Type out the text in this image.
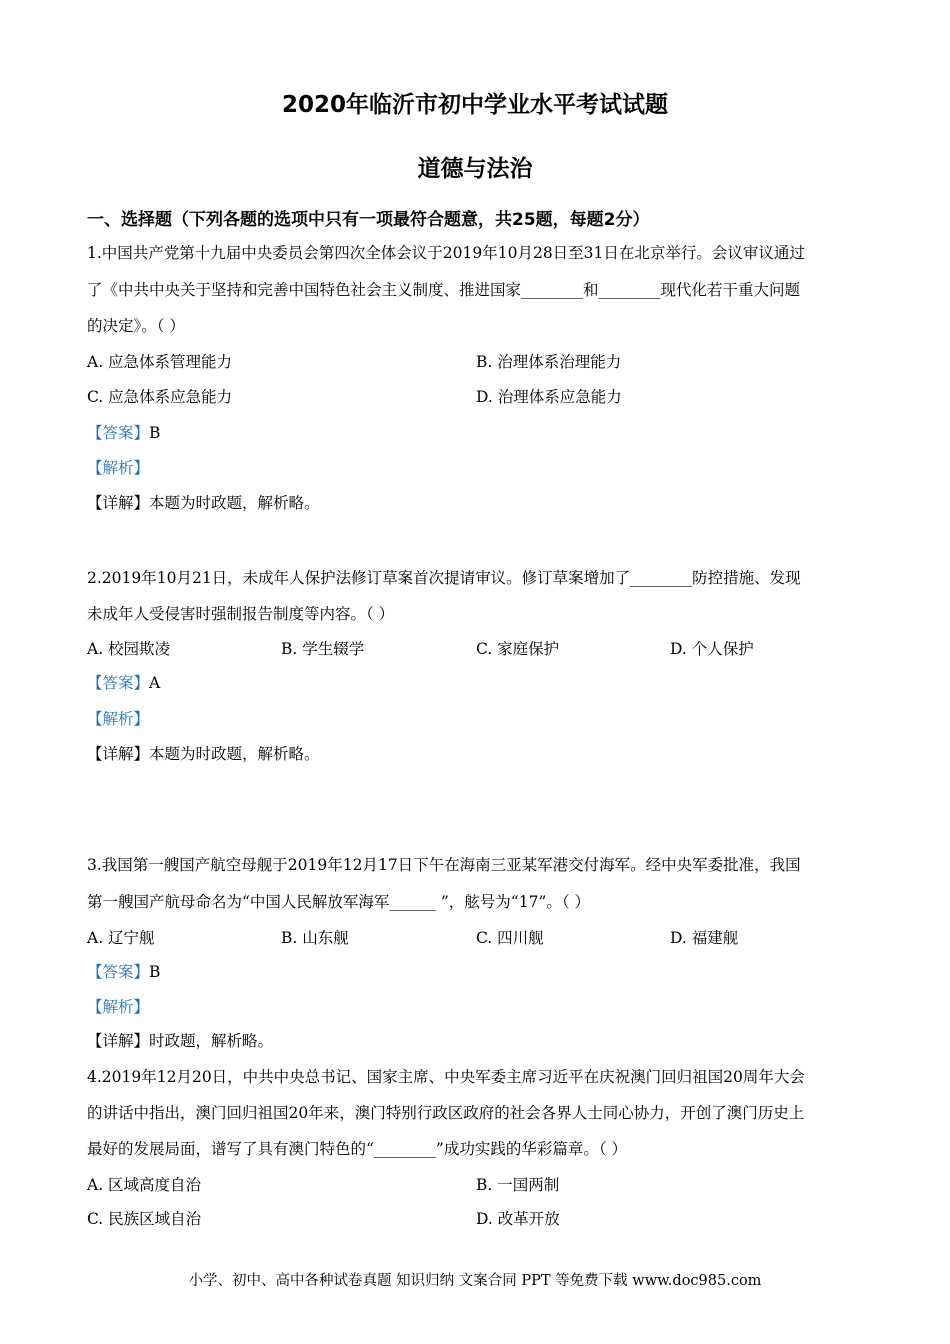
2020年临沂市初中学业水平考试试题
道德与法治
一、选择题（下列各题的选项中只有一项最符合题意，共25题，每题2分）
1.中国共产党第十九届中央委员会第四次全体会议于2019年10月28日至31日在北京举行。会议审议通过
了《中共中央关于坚持和完善中国特色社会主义制度、推进国家________和________现代化若干重大问题
的决定》。（ ）
A. 应急体系管理能力	B. 治理体系治理能力
C. 应急体系应急能力	D. 治理体系应急能力
【答案】B
【解析】
【详解】本题为时政题，解析略。
2.2019年10月21日，未成年人保护法修订草案首次提请审议。修订草案增加了________防控措施、发现
未成年人受侵害时强制报告制度等内容。（ ）
A. 校园欺凌	B. 学生辍学	C. 家庭保护	D. 个人保护
【答案】A
【解析】
【详解】本题为时政题，解析略。
3.我国第一艘国产航空母舰于2019年12月17日下午在海南三亚某军港交付海军。经中央军委批准，我国
第一艘国产航母命名为“中国人民解放军海军______ ”，舷号为“17”。（ ）
A. 辽宁舰	B. 山东舰	C. 四川舰	D. 福建舰
【答案】B
【解析】
【详解】时政题，解析略。
4.2019年12月20日，中共中央总书记、国家主席、中央军委主席习近平在庆祝澳门回归祖国20周年大会
的讲话中指出，澳门回归祖国20年来，澳门特别行政区政府的社会各界人士同心协力，开创了澳门历史上
最好的发展局面，谱写了具有澳门特色的“________”成功实践的华彩篇章。（ ）
A. 区域高度自治	B. 一国两制
C. 民族区域自治	D. 改革开放
小学、初中、高中各种试卷真题 知识归纳 文案合同 PPT 等免费下载 www.doc985.com
